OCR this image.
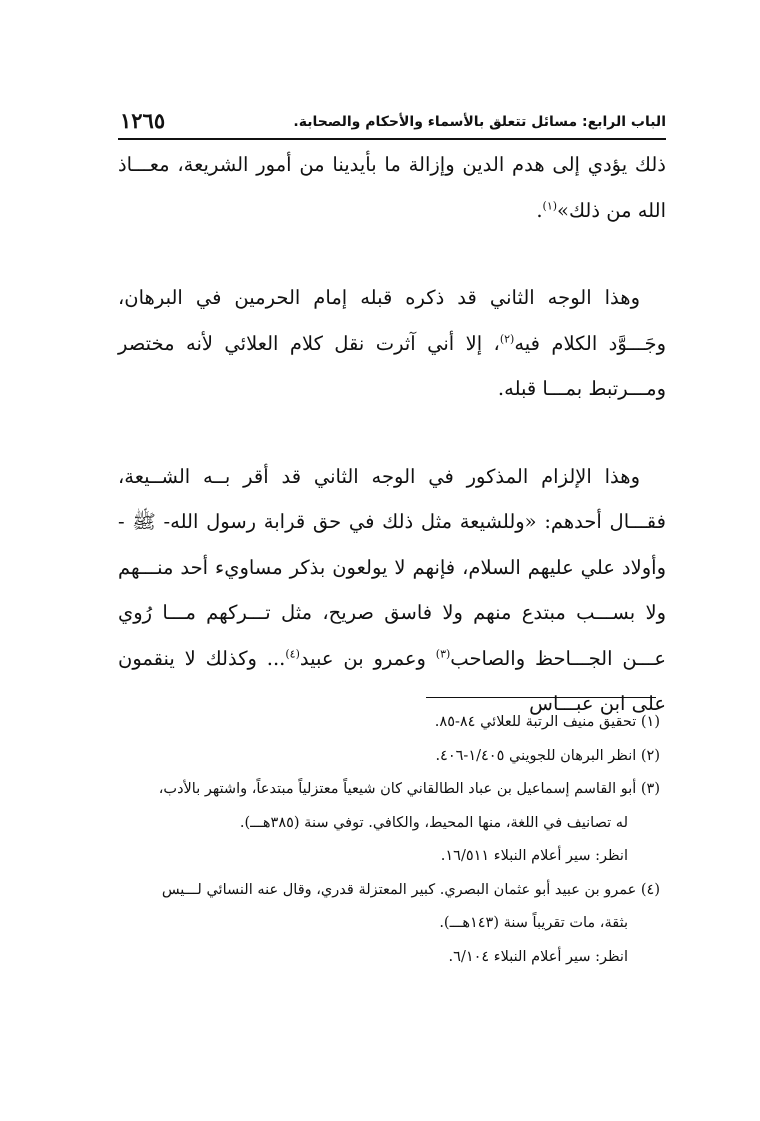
الباب الرابع: مسائل تتعلق بالأسماء والأحكام والصحابة.
١٢٦٥

ذلك يؤدي إلى هدم الدين وإزالة ما بأيدينا من أمور الشريعة، معـــاذ الله من ذلك»$^{(١)}$.

وهذا الوجه الثاني قد ذكره قبله إمام الحرمين في البرهان، وجَـــوَّد الكلام فيه$^{(٢)}$، إلا أني آثرت نقل كلام العلائي لأنه مختصر ومـــرتبط بمـــا قبله.

وهذا الإلزام المذكور في الوجه الثاني قد أقر بــه الشــيعة، فقـــال أحدهم: «وللشيعة مثل ذلك في حق قرابة رسول الله- ﷺ - وأولاد علي عليهم السلام، فإنهم لا يولعون بذكر مساويء أحد منـــهم ولا بســـب مبتدع منهم ولا فاسق صريح، مثل تـــركهم مـــا رُوي عـــن الجـــاحظ والصاحب$^{(٣)}$ وعمرو بن عبيد$^{(٤)}$... وكذلك لا ينقمون على ابن عبـــاس

(١) تحقيق منيف الرتبة للعلائي ٨٤-٨٥.

(٢) انظر البرهان للجويني ١/٤٠٥-٤٠٦.

(٣) أبو القاسم إسماعيل بن عباد الطالقاني كان شيعياً معتزلياً مبتدعاً، واشتهر بالأدب،

له تصانيف في اللغة، منها المحيط، والكافي. توفي سنة (٣٨٥هـــ).

انظر: سير أعلام النبلاء ١٦/٥١١.

(٤) عمرو بن عبيد أبو عثمان البصري. كبير المعتزلة قدري، وقال عنه النسائي لـــيس

بثقة، مات تقريباً سنة (١٤٣هـــ).

انظر: سير أعلام النبلاء ٦/١٠٤.
